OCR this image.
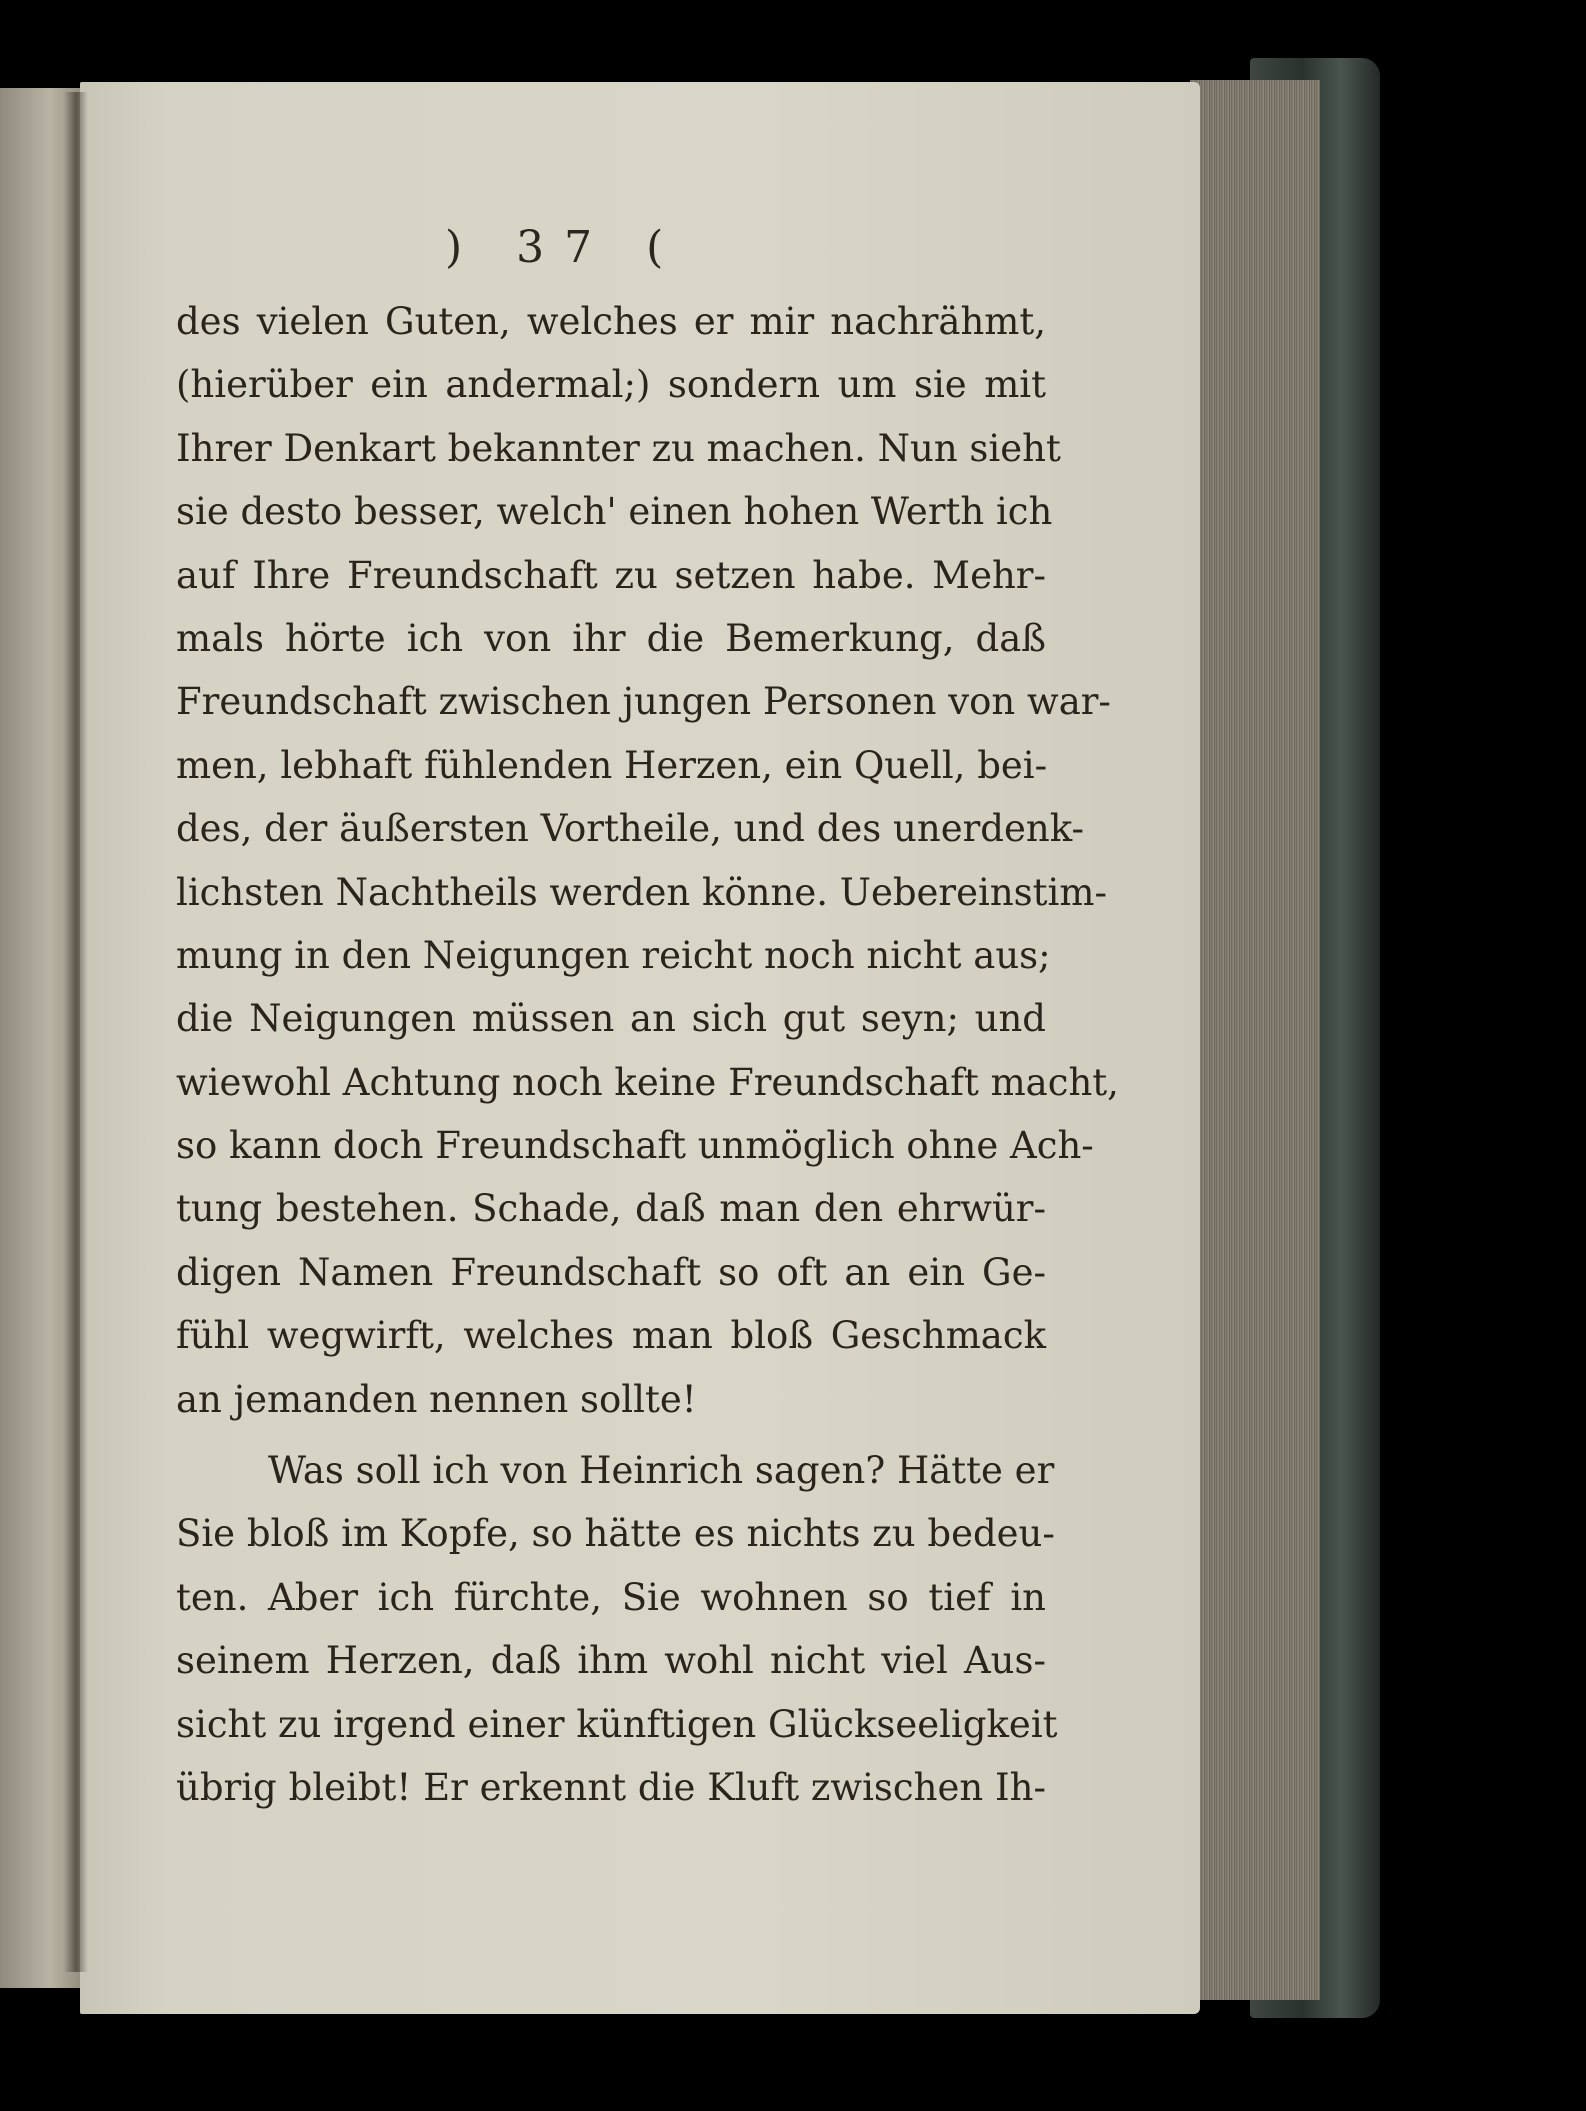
) 37 (
des vielen Guten, welches er mir nachrähmt,
(hierüber ein andermal;) sondern um sie mit
Ihrer Denkart bekannter zu machen. Nun sieht
sie desto besser, welch' einen hohen Werth ich
auf Ihre Freundschaft zu setzen habe. Mehr-
mals hörte ich von ihr die Bemerkung, daß
Freundschaft zwischen jungen Personen von war-
men, lebhaft fühlenden Herzen, ein Quell, bei-
des, der äußersten Vortheile, und des unerdenk-
lichsten Nachtheils werden könne. Uebereinstim-
mung in den Neigungen reicht noch nicht aus;
die Neigungen müssen an sich gut seyn; und
wiewohl Achtung noch keine Freundschaft macht,
so kann doch Freundschaft unmöglich ohne Ach-
tung bestehen. Schade, daß man den ehrwür-
digen Namen Freundschaft so oft an ein Ge-
fühl wegwirft, welches man bloß Geschmack
an jemanden nennen sollte!
Was soll ich von Heinrich sagen? Hätte er
Sie bloß im Kopfe, so hätte es nichts zu bedeu-
ten. Aber ich fürchte, Sie wohnen so tief in
seinem Herzen, daß ihm wohl nicht viel Aus-
sicht zu irgend einer künftigen Glückseeligkeit
übrig bleibt! Er erkennt die Kluft zwischen Ih-
